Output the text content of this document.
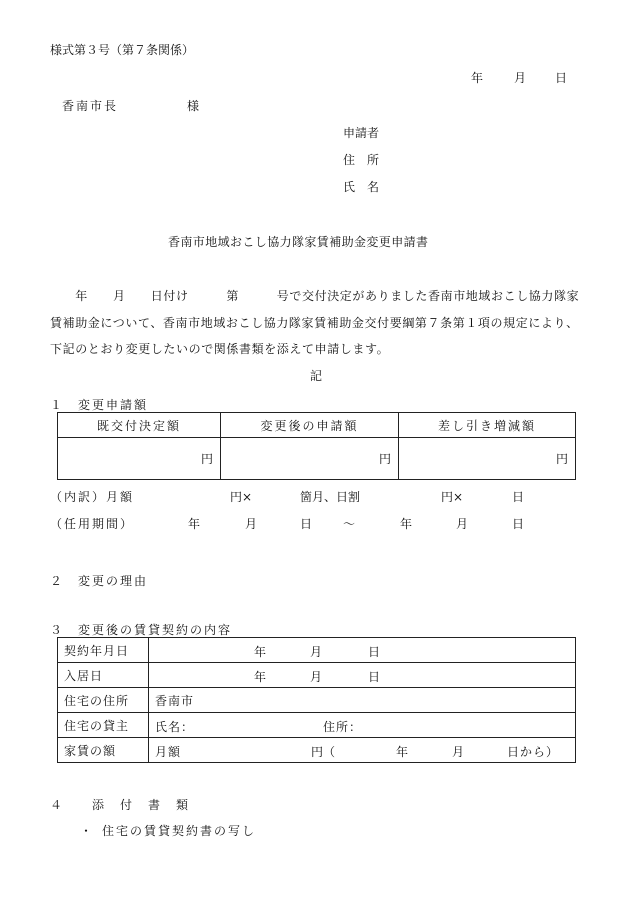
様式第３号（第７条関係）
年	月 日
香南市長	様
申請者
住　所
氏　名
香南市地域おこし協力隊家賃補助金変更申請書
　　年　　月　　日付け　　　第　　　号で交付決定がありました香南市地域おこし協力隊家賃補助金について、香南市地域おこし協力隊家賃補助金交付要綱第７条第１項の規定により、下記のとおり変更したいので関係書類を添えて申請します。
記
１　変更申請額
既交付決定額	変更後の申請額	差し引き増減額
円	円	円
（内訳）月額	円×	箇月、日割	円×	日
（任用期間）	年	月	日	～	年	月	日
２　変更の理由
３　変更後の賃貸契約の内容
契約年月日	年 月 日

入居日	年 月 日

住宅の住所	香南市
住宅の貸主	氏名： 住所：

家賃の額	月額 円（ 年 月 日から）
４　　添　付　書　類
・ 住宅の賃貸契約書の写し
